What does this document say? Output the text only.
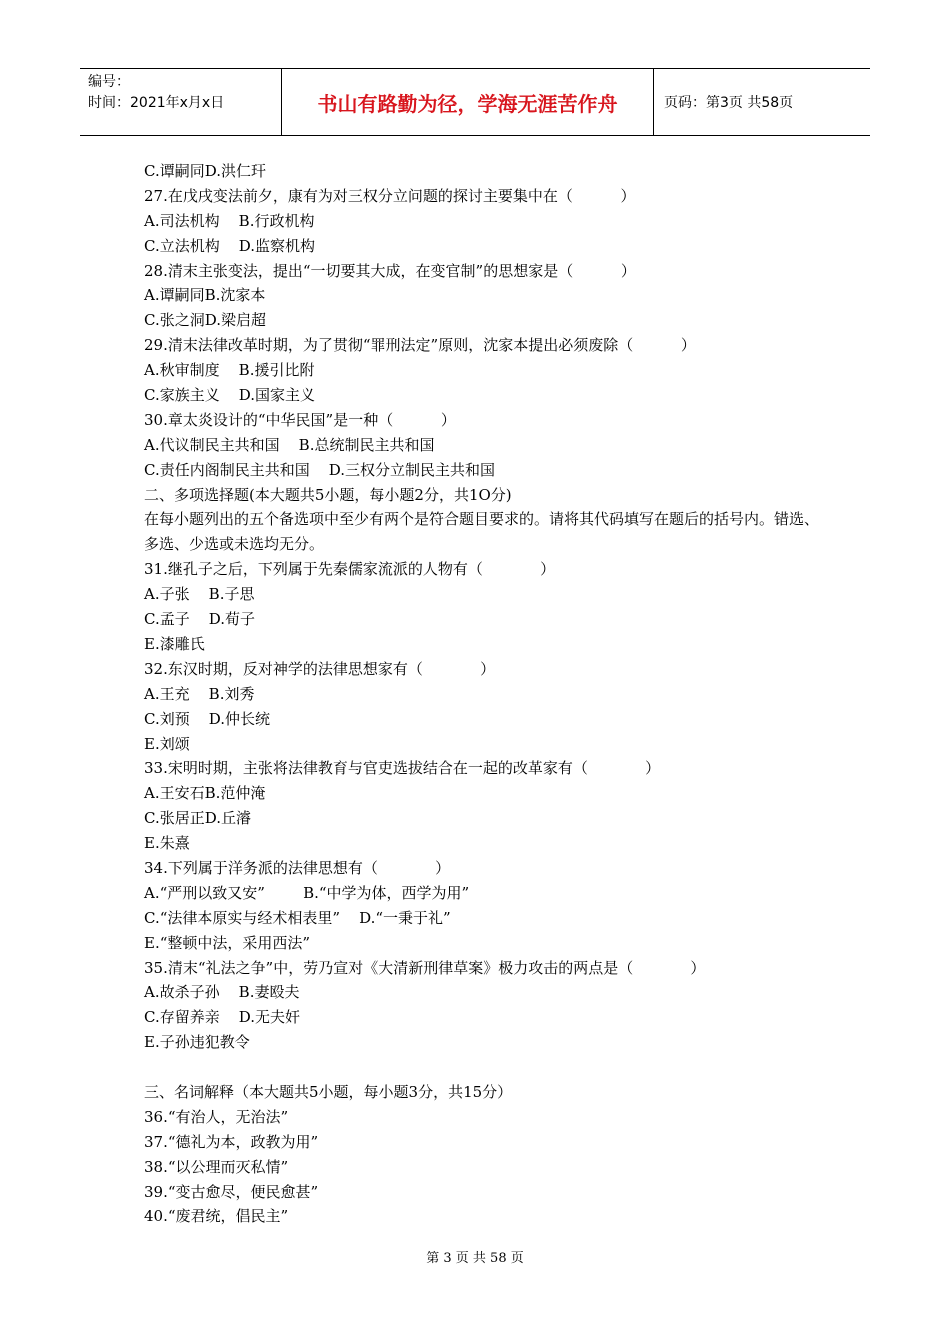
编号：
时间：2021年x月x日	书山有路勤为径，学海无涯苦作舟	页码：第3页 共58页
C.谭嗣同D.洪仁玕
27.在戊戌变法前夕，康有为对三权分立问题的探讨主要集中在（          ）
A.司法机构    B.行政机构
C.立法机构    D.监察机构
28.清末主张变法，提出“一切要其大成，在变官制”的思想家是（          ）
A.谭嗣同B.沈家本
C.张之洞D.梁启超
29.清末法律改革时期，为了贯彻“罪刑法定”原则，沈家本提出必须废除（          ）
A.秋审制度    B.援引比附
C.家族主义    D.国家主义
30.章太炎设计的“中华民国”是一种（          ）
A.代议制民主共和国    B.总统制民主共和国
C.责任内阁制民主共和国    D.三权分立制民主共和国
二、多项选择题(本大题共5小题，每小题2分，共1O分)
在每小题列出的五个备选项中至少有两个是符合题目要求的。请将其代码填写在题后的括号内。错选、多选、少选或未选均无分。
31.继孔子之后，下列属于先秦儒家流派的人物有（            ）
A.子张    B.子思
C.孟子    D.荀子
E.漆雕氏
32.东汉时期，反对神学的法律思想家有（            ）
A.王充    B.刘秀
C.刘预    D.仲长统
E.刘颂
33.宋明时期，主张将法律教育与官吏选拔结合在一起的改革家有（            ）
A.王安石B.范仲淹
C.张居正D.丘濬
E.朱熹
34.下列属于洋务派的法律思想有（            ）
A.“严刑以致又安”        B.“中学为体，西学为用”
C.“法律本原实与经术相表里”    D.“一秉于礼”
E.“整顿中法，采用西法”
35.清末“礼法之争”中，劳乃宣对《大清新刑律草案》极力攻击的两点是（            ）
A.故杀子孙    B.妻殴夫
C.存留养亲    D.无夫奸
E.子孙违犯教令
三、名词解释（本大题共5小题，每小题3分，共15分）
36.“有治人，无治法”
37.“德礼为本，政教为用”
38.“以公理而灭私情”
39.“变古愈尽，便民愈甚”
40.“废君统，倡民主”
第 3 页 共 58 页
